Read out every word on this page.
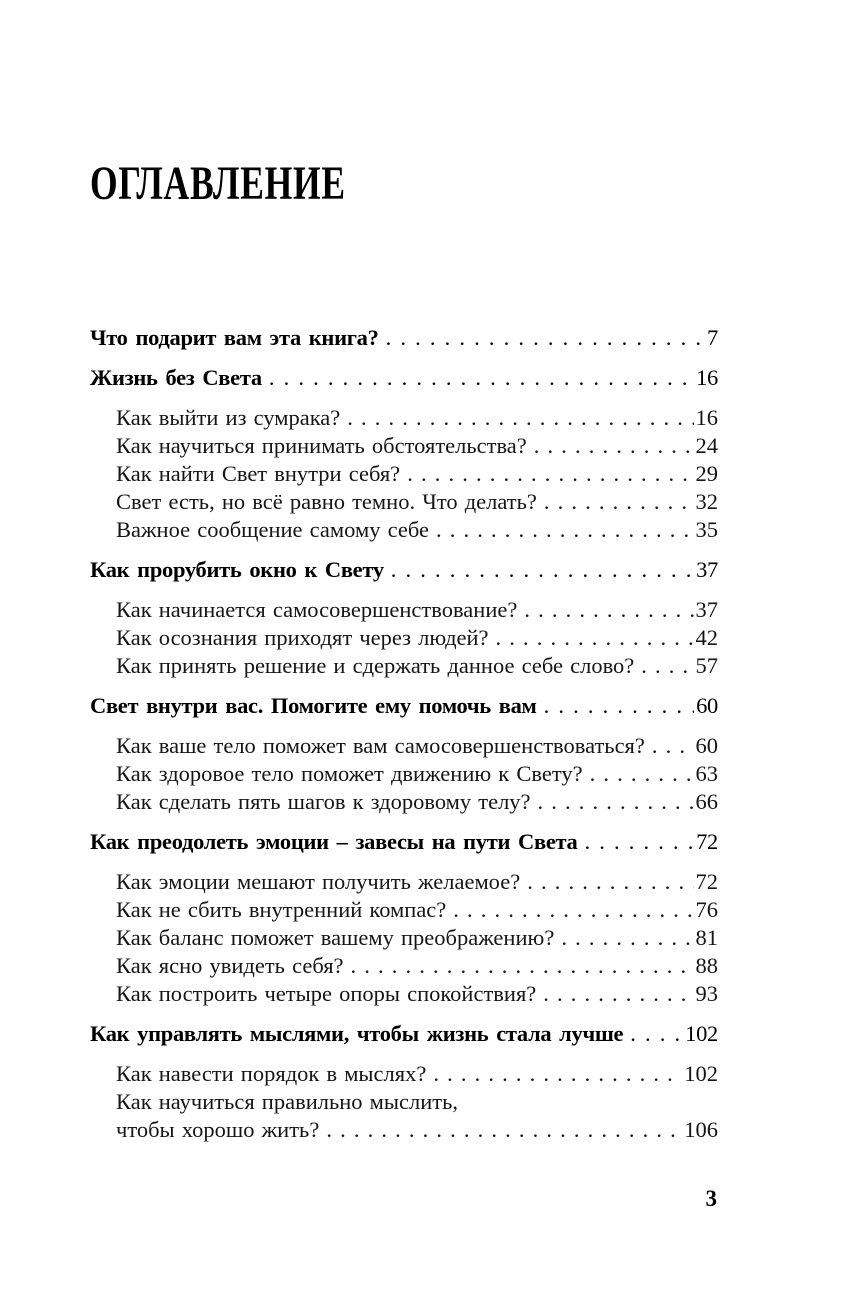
ОГЛАВЛЕНИЕ
Что подарит вам эта книга? . . .	7
Жизнь без Света . . .	16
Как выйти из сумрака? . . .	16
Как научиться принимать обстоятельства? . . .	24
Как найти Свет внутри себя? . . .	29
Свет есть, но всё равно темно. Что делать? . . .	32
Важное сообщение самому себе . . .	35
Как прорубить окно к Свету . . .	37
Как начинается самосовершенствование? . . .	37
Как осознания приходят через людей? . . .	42
Как принять решение и сдержать данное себе слово? . . .	57
Свет внутри вас. Помогите ему помочь вам . . .	60
Как ваше тело поможет вам самосовершенствоваться? . . . 60
Как здоровое тело поможет движению к Свету? . . .	63
Как сделать пять шагов к здоровому телу? . . .	66
Как преодолеть эмоции – завесы на пути Света . . .	72
Как эмоции мешают получить желаемое? . . .	72
Как не сбить внутренний компас? . . .	76
Как баланс поможет вашему преображению? . . .	81
Как ясно увидеть себя? . . .	88
Как построить четыре опоры спокойствия? . . .	93
Как управлять мыслями, чтобы жизнь стала лучше . . .	102
Как навести порядок в мыслях? . . .	102
Как научиться правильно мыслить,
чтобы хорошо жить? . . .	106
3
